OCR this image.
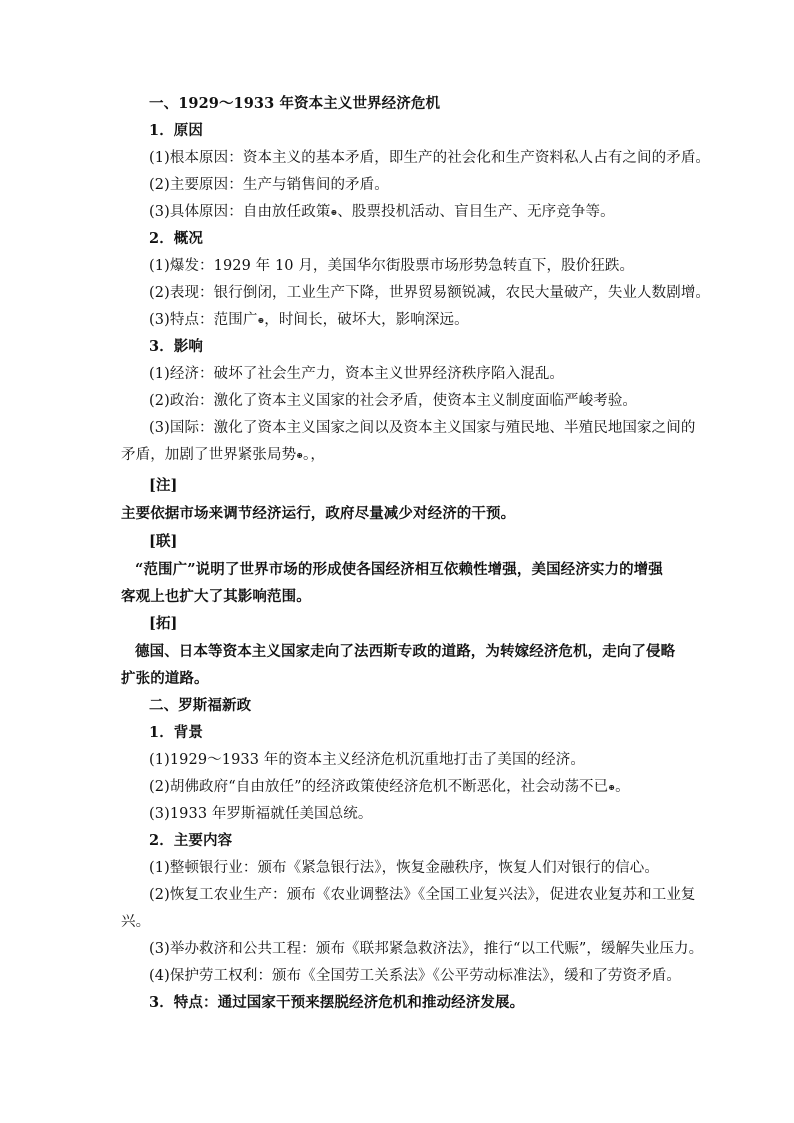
一、1929～1933 年资本主义世界经济危机
1．原因
(1)根本原因：资本主义的基本矛盾，即生产的社会化和生产资料私人占有之间的矛盾。
(2)主要原因：生产与销售间的矛盾。
(3)具体原因：自由放任政策⊕、股票投机活动、盲目生产、无序竞争等。
2．概况
(1)爆发：1929 年 10 月，美国华尔街股票市场形势急转直下，股价狂跌。
(2)表现：银行倒闭，工业生产下降，世界贸易额锐减，农民大量破产，失业人数剧增。
(3)特点：范围广⊕，时间长，破坏大，影响深远。
3．影响
(1)经济：破坏了社会生产力，资本主义世界经济秩序陷入混乱。
(2)政治：激化了资本主义国家的社会矛盾，使资本主义制度面临严峻考验。
(3)国际：激化了资本主义国家之间以及资本主义国家与殖民地、半殖民地国家之间的
矛盾，加剧了世界紧张局势⊕。，
[注]
主要依据市场来调节经济运行，政府尽量减少对经济的干预。
[联]
“范围广”说明了世界市场的形成使各国经济相互依赖性增强，美国经济实力的增强
客观上也扩大了其影响范围。
[拓]
德国、日本等资本主义国家走向了法西斯专政的道路，为转嫁经济危机，走向了侵略
扩张的道路。
二、罗斯福新政
1．背景
(1)1929～1933 年的资本主义经济危机沉重地打击了美国的经济。
(2)胡佛政府“自由放任”的经济政策使经济危机不断恶化，社会动荡不已⊕。
(3)1933 年罗斯福就任美国总统。
2．主要内容
(1)整顿银行业：颁布《紧急银行法》，恢复金融秩序，恢复人们对银行的信心。
(2)恢复工农业生产：颁布《农业调整法》《全国工业复兴法》，促进农业复苏和工业复
兴。
(3)举办救济和公共工程：颁布《联邦紧急救济法》，推行“以工代赈”，缓解失业压力。
(4)保护劳工权利：颁布《全国劳工关系法》《公平劳动标准法》，缓和了劳资矛盾。
3．特点：通过国家干预来摆脱经济危机和推动经济发展。
